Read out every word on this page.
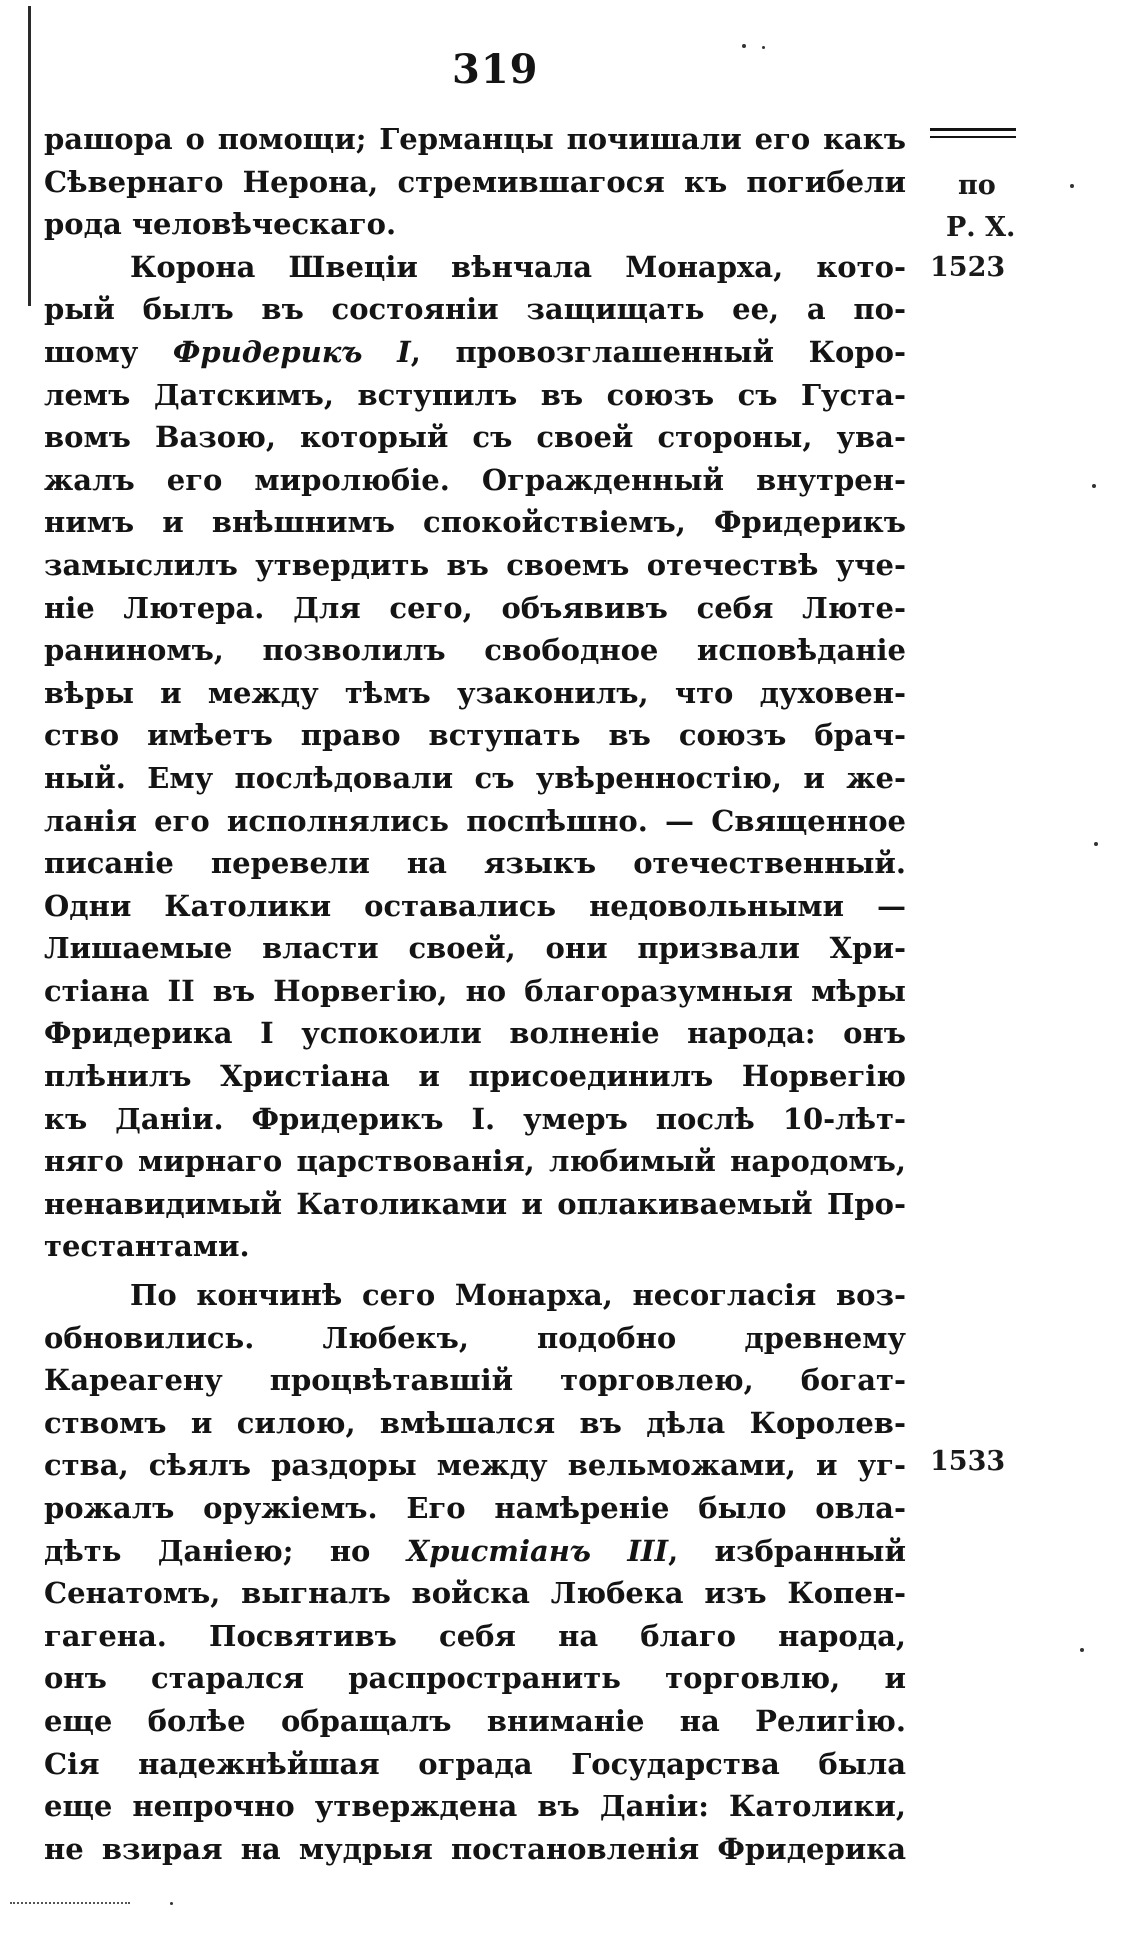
319
по
Р. Х.
1523
1533
рашора о помощи; Германцы почишали его какъ
Сѣвернаго Нерона, стремившагося къ погибели
рода человѣческаго.
Корона Швеціи вѣнчала Монарха, кото-
рый былъ въ состояніи защищать ее, а по-
шому Фридерикъ I, провозглашенный Коро-
лемъ Датскимъ, вступилъ въ союзъ съ Густа-
вомъ Вазою, который съ своей стороны, ува-
жалъ его миролюбіе. Огражденный внутрен-
нимъ и внѣшнимъ спокойствіемъ, Фридерикъ
замыслилъ утвердить въ своемъ отечествѣ уче-
ніе Лютера. Для сего, объявивъ себя Люте-
раниномъ, позволилъ свободное исповѣданіе
вѣры и между тѣмъ узаконилъ, что духовен-
ство имѣетъ право вступать въ союзъ брач-
ный. Ему послѣдовали съ увѣренностію, и же-
ланія его исполнялись поспѣшно. — Священное
писаніе перевели на языкъ отечественный.
Одни Католики оставались недовольными —
Лишаемые власти своей, они призвали Хри-
стіана II въ Норвегію, но благоразумныя мѣры
Фридерика I успокоили волненіе народа: онъ
плѣнилъ Христіана и присоединилъ Норвегію
къ Даніи. Фридерикъ I. умеръ послѣ 10-лѣт-
няго мирнаго царствованія, любимый народомъ,
ненавидимый Католиками и оплакиваемый Про-
тестантами.
По кончинѣ сего Монарха, несогласія воз-
обновились. Любекъ, подобно древнему
Кареагену процвѣтавшій торговлею, богат-
ствомъ и силою, вмѣшался въ дѣла Королев-
ства, сѣялъ раздоры между вельможами, и уг-
рожалъ оружіемъ. Его намѣреніе было овла-
дѣть Даніею; но Христіанъ III, избранный
Сенатомъ, выгналъ войска Любека изъ Копен-
гагена. Посвятивъ себя на благо народа,
онъ старался распространить торговлю, и
еще болѣе обращалъ вниманіе на Религію.
Сія надежнѣйшая ограда Государства была
еще непрочно утверждена въ Даніи: Католики,
не взирая на мудрыя постановленія Фридерика
